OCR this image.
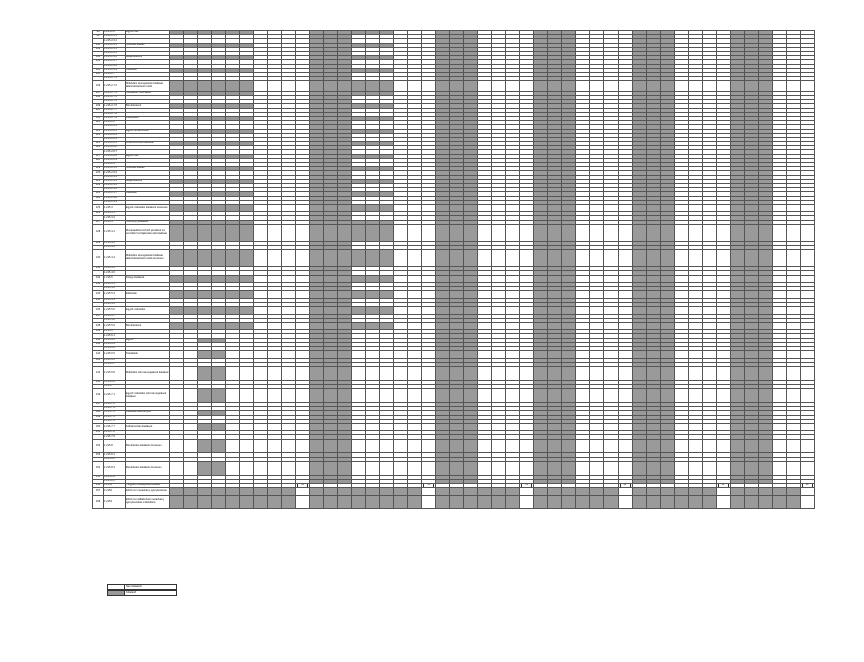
98	1.215.2.6	Egyéb írás																																														
99	1.215.2.6.1																																															
	1.215.2.6.2																																															
100	1.215.2.6.3	Szociális ellátás																																														
101	1.215.2.6.4																																															
	1.215.2.6.5																																															
102	1.215.2.6.6	Megkötelezés																																														
103	1.215.2.6.7																																															
	1.215.2.6.8																																															
104	1.215.2.6.9	Kiadások																																														
105	1.215.2.7																																															
	1.215.2.7.1																																															
106	1.215.2.7.2	Működési támogatások kiadásai államháztartáson belül																																														
107	1.215.2.7.3	Tartalékok, elvonások																																														
108	1.215.2.7.4																																															
	1.215.2.7.5																																															
109	1.215.2.7.6	Beruházások																																														
110	1.215.2.7.7																																															
	1.215.2.7.8																																															
111	1.215.2.7.9	Felújítások																																														
112	1.215.2.8																																															
	1.215.2.8.1																																															
113	1.215.2.8.2	Egyéb felhalmozási																																														
114	1.215.2.8.3																																															
	1.215.2.8.4																																															
115	1.215.2.8.5	Finanszírozási kiadások																																														
116	1.215.2.8.6																																															
	1.215.2.8.7																																															
117	1.215.2.8.8	Egyéb írás																																														
118	1.215.2.8.9																																															
	1.215.2.9																																															
119	1.215.2.9.1	Szociális ellátás																																														
120	1.215.2.9.2																																															
	1.215.2.9.3																																															
121	1.215.2.9.4	Megkötelezés																																														
122	1.215.2.9.5																																															
	1.215.2.9.6																																															
123	1.215.2.9.7	Kiadások																																														
124	1.215.2.9.8																																															
	1.215.2.9.9																																															
125	1.215.3	Egyéb működési kiadások összesen																																														
126	1.215.3.1																																															
	1.215.3.2																																															
127	1.215.4	Személyi juttatások																																														
128	1.215.4.1	Munkaadókat terhelő járulékok és szociális hozzájárulási adó kiadásai																																														
129	1.215.4.2																																															
	1.215.4.3																																															
130	1.215.4.4	Működési támogatások kiadásai államháztartáson belül összesen																																														
131	1.215.4.5																																															
	1.215.4.6																																															
132	1.215.5	Dologi kiadások																																														
133	1.215.5.1																																															
	1.215.5.2																																															
134	1.215.5.3	Ellátottak																																														
135	1.215.5.4																																															
	1.215.5.5																																															
136	1.215.5.6	Egyéb működési																																														
137	1.215.5.7																																															
	1.215.5.8																																															
138	1.215.5.9	Beruházások																																														
139	1.215.6																																															
	1.215.6.1																																															
140	1.215.6.2	Egyéb																																														
141	1.215.6.3																																															
	1.215.6.4																																															
142	1.215.6.5	Tartalékok																																														
143	1.215.6.6																																															
	1.215.6.7																																															
144	1.215.6.8	Működési célú támogatások kiadásai																																														
145	1.215.6.9																																															
	1.215.7																																															
146	1.215.7.1	Egyéb működési célú támogatások kiadásai																																														
147	1.215.7.2																																															
	1.215.7.3																																															
148	1.215.7.4	Kiadások állományba																																														
149	1.215.7.5																																															
	1.215.7.6																																															
150	1.215.7.7	Felhalmozási kiadások																																														
151	1.215.7.8																																															
	1.215.7.9																																															
152	1.215.8	Beruházási kiadások összesen																																														
153	1.215.8.1																																															
	1.215.8.2																																															
154	1.215.8.3	Beruházási kiadások összesen																																														
155	1.215.8.4																																															
	1.215.8.5																																															
156	1.2151	Tárgyévi költségvetési kiadás										02									02							02							02							02						02

157	1.2152	Előző évi maradvány igénybevétele																																														
158	1.2153	Előző évi vállalkozási maradvány igénybevétele működésre																																														
Nem kötelező
Kötelező
